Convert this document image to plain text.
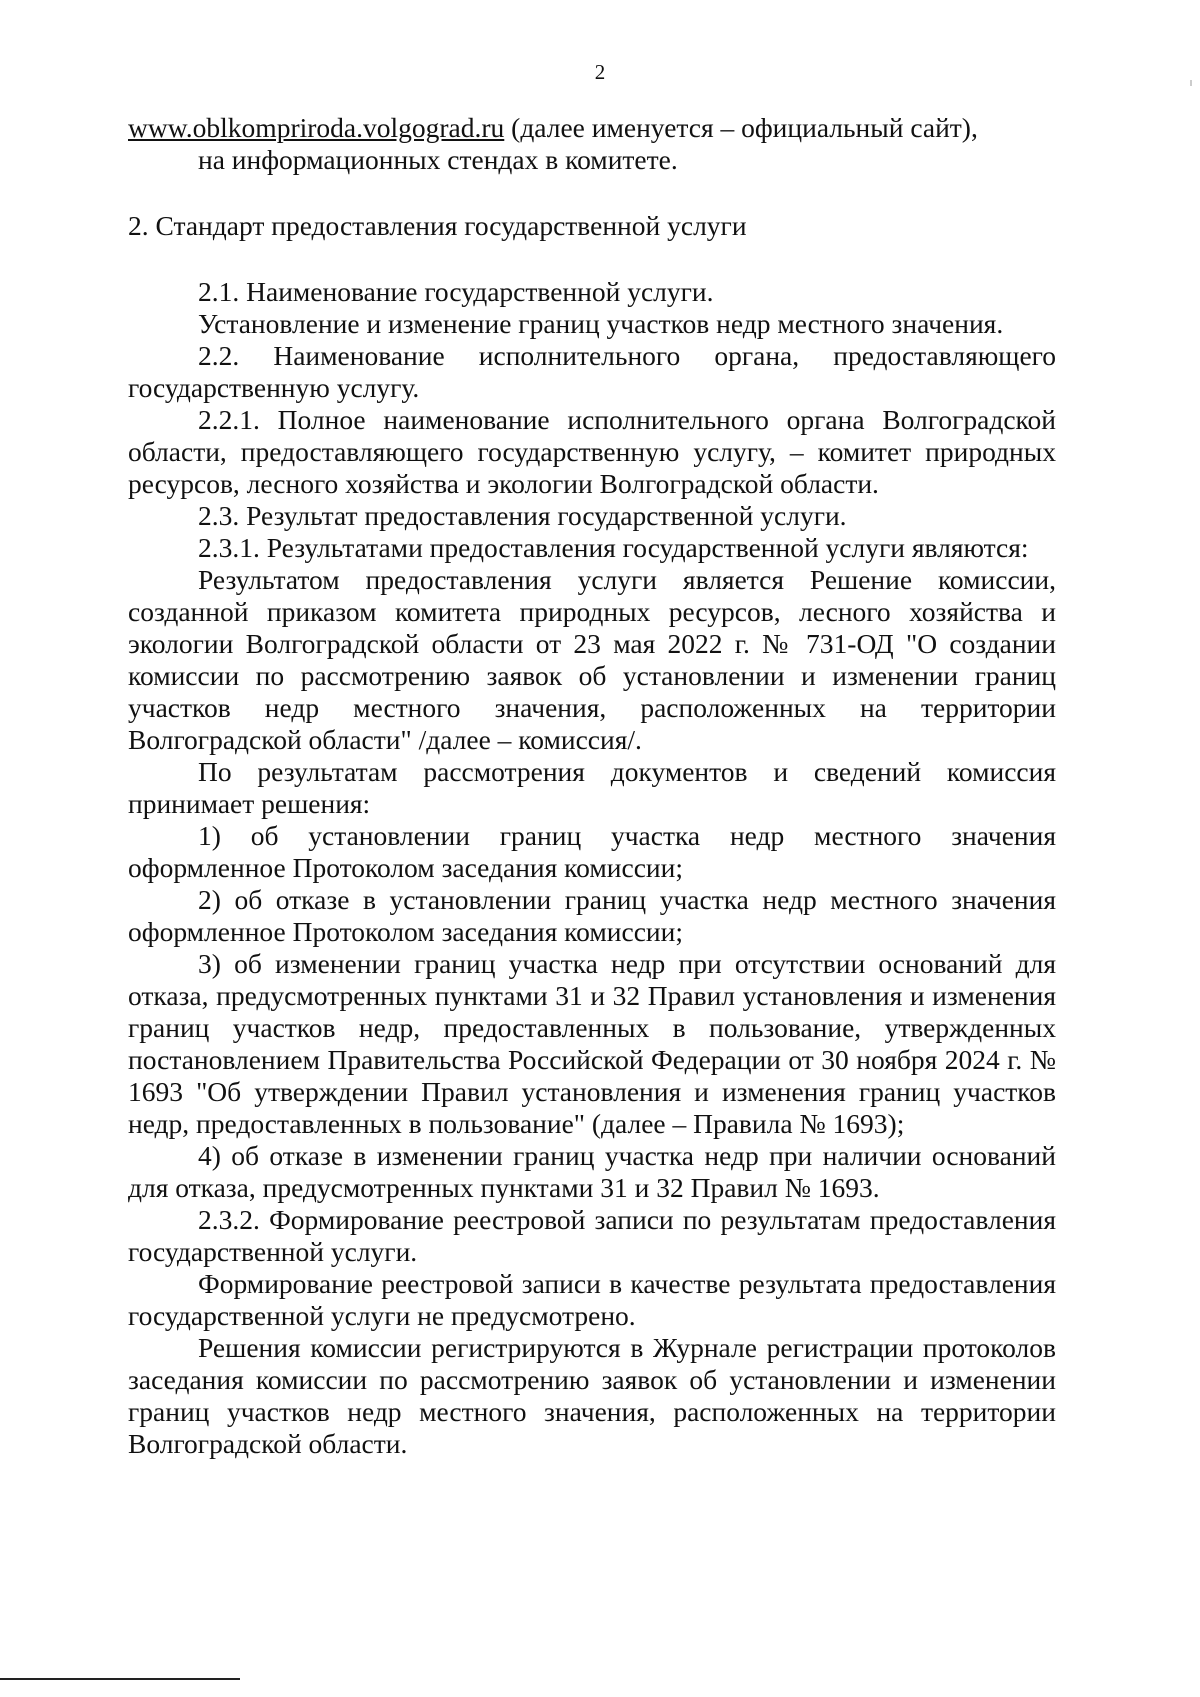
2

www.oblkompriroda.volgograd.ru (далее именуется – официальный сайт),

на информационных стендах в комитете.

2. Стандарт предоставления государственной услуги

2.1. Наименование государственной услуги.

Установление и изменение границ участков недр местного значения.

2.2. Наименование исполнительного органа, предоставляющего государственную услугу.

2.2.1. Полное наименование исполнительного органа Волгоградской области, предоставляющего государственную услугу, – комитет природных ресурсов, лесного хозяйства и экологии Волгоградской области.

2.3. Результат предоставления государственной услуги.

2.3.1. Результатами предоставления государственной услуги являются:

Результатом предоставления услуги является Решение комиссии, созданной приказом комитета природных ресурсов, лесного хозяйства и экологии Волгоградской области от 23 мая 2022 г. № 731-ОД "О создании комиссии по рассмотрению заявок об установлении и изменении границ участков недр местного значения, расположенных на территории Волгоградской области" /далее – комиссия/.

По результатам рассмотрения документов и сведений комиссия принимает решения:

1) об установлении границ участка недр местного значения оформленное Протоколом заседания комиссии;

2) об отказе в установлении границ участка недр местного значения оформленное Протоколом заседания комиссии;

3) об изменении границ участка недр при отсутствии оснований для отказа, предусмотренных пунктами 31 и 32 Правил установления и изменения границ участков недр, предоставленных в пользование, утвержденных постановлением Правительства Российской Федерации от 30 ноября 2024 г. № 1693 "Об утверждении Правил установления и изменения границ участков недр, предоставленных в пользование" (далее – Правила № 1693);

4) об отказе в изменении границ участка недр при наличии оснований для отказа, предусмотренных пунктами 31 и 32 Правил № 1693.

2.3.2. Формирование реестровой записи по результатам предоставления государственной услуги.

Формирование реестровой записи в качестве результата предоставления государственной услуги не предусмотрено.

Решения комиссии регистрируются в Журнале регистрации протоколов заседания комиссии по рассмотрению заявок об установлении и изменении границ участков недр местного значения, расположенных на территории Волгоградской области.
